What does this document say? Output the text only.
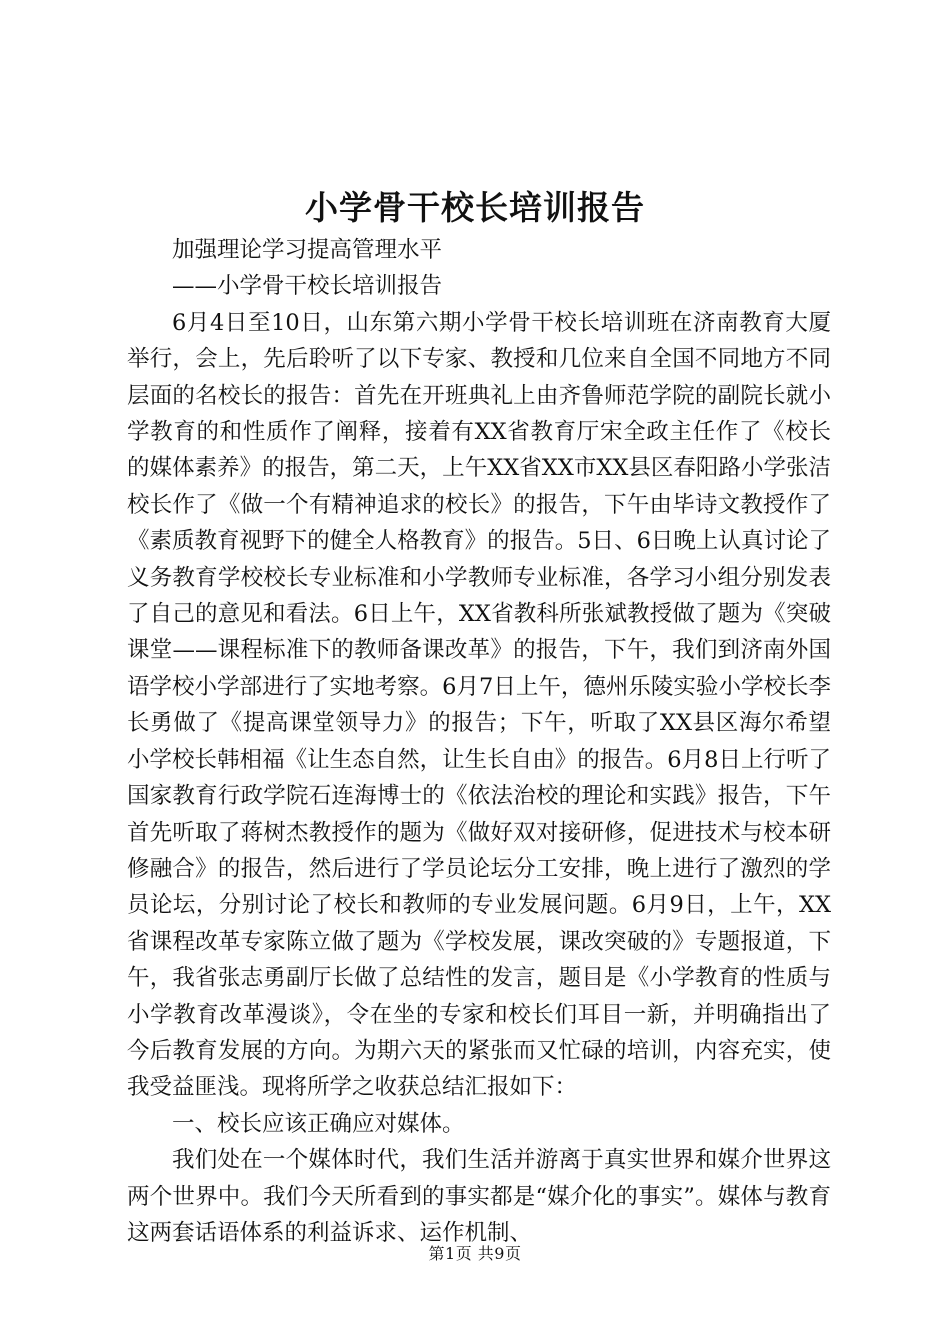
小学骨干校长培训报告

加强理论学习提高管理水平

——小学骨干校长培训报告

6月4日至10日，山东第六期小学骨干校长培训班在济南教育大厦举行，会上，先后聆听了以下专家、教授和几位来自全国不同地方不同层面的名校长的报告：首先在开班典礼上由齐鲁师范学院的副院长就小学教育的和性质作了阐释，接着有XX省教育厅宋全政主任作了《校长的媒体素养》的报告，第二天，上午XX省XX市XX县区春阳路小学张洁校长作了《做一个有精神追求的校长》的报告，下午由毕诗文教授作了《素质教育视野下的健全人格教育》的报告。5日、6日晚上认真讨论了义务教育学校校长专业标准和小学教师专业标准，各学习小组分别发表了自己的意见和看法。6日上午，XX省教科所张斌教授做了题为《突破课堂——课程标准下的教师备课改革》的报告，下午，我们到济南外国语学校小学部进行了实地考察。6月7日上午，德州乐陵实验小学校长李长勇做了《提高课堂领导力》的报告；下午，听取了XX县区海尔希望小学校长韩相福《让生态自然，让生长自由》的报告。6月8日上行听了国家教育行政学院石连海博士的《依法治校的理论和实践》报告，下午首先听取了蒋树杰教授作的题为《做好双对接研修，促进技术与校本研修融合》的报告，然后进行了学员论坛分工安排，晚上进行了激烈的学员论坛，分别讨论了校长和教师的专业发展问题。6月9日，上午，XX省课程改革专家陈立做了题为《学校发展，课改突破的》专题报道，下午，我省张志勇副厅长做了总结性的发言，题目是《小学教育的性质与小学教育改革漫谈》，令在坐的专家和校长们耳目一新，并明确指出了今后教育发展的方向。为期六天的紧张而又忙碌的培训，内容充实，使我受益匪浅。现将所学之收获总结汇报如下：

一、校长应该正确应对媒体。

我们处在一个媒体时代，我们生活并游离于真实世界和媒介世界这两个世界中。我们今天所看到的事实都是“媒介化的事实”。媒体与教育这两套话语体系的利益诉求、运作机制、

第1页 共9页
